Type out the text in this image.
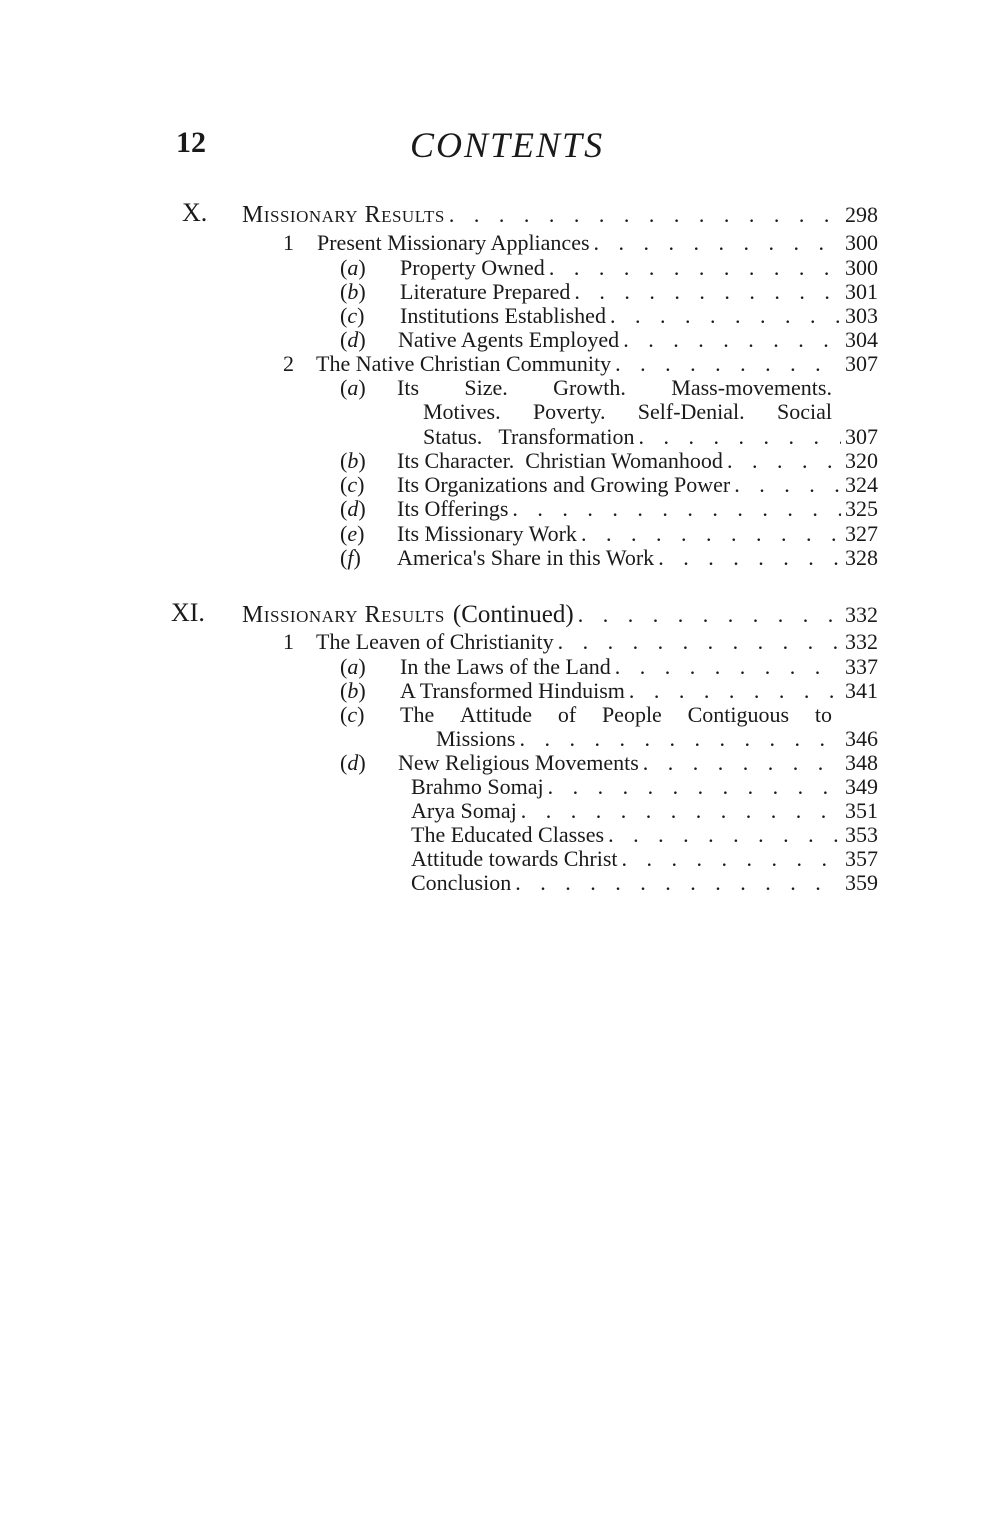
12	CONTENTS
X. Missionary Results . . .	298
1 Present Missionary Appliances . . .	300
(a) Property Owned . . .	300
(b) Literature Prepared . . .	301
(c) Institutions Established . . .	303
(d) Native Agents Employed . . .	304
2 The Native Christian Community . . .	307
(a) Its Size. Growth. Mass-movements.
Motives. Poverty. Self-Denial. Social
Status.   Transformation . . .	307
(b) Its Character.  Christian Womanhood . . .	320
(c) Its Organizations and Growing Power . . .	324
(d) Its Offerings . . .	325
(e) Its Missionary Work . . .	327
(f) America's Share in this Work . . .	328
XI. Missionary Results (Continued) . . .	332
1 The Leaven of Christianity . . .	332
(a) In the Laws of the Land . . .	337
(b) A Transformed Hinduism . . .	341
(c) The Attitude of People Contiguous to
Missions . . .	346
(d) New Religious Movements . . .	348
Brahmo Somaj . . .	349
Arya Somaj . . .	351
The Educated Classes . . .	353
Attitude towards Christ . . .	357
Conclusion . . .	359
